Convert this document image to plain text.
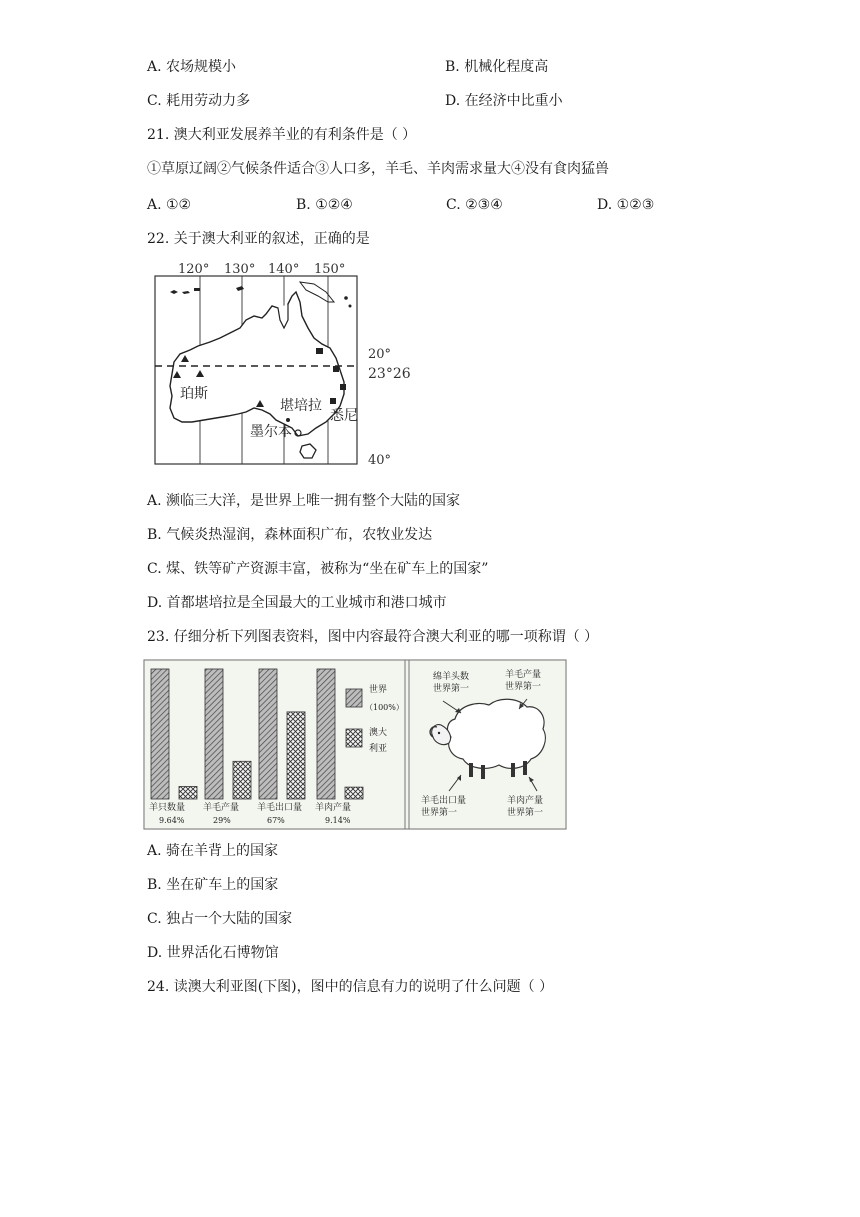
A. 农场规模小	B. 机械化程度高
C. 耗用劳动力多	D. 在经济中比重小
21. 澳大利亚发展养羊业的有利条件是（ ）
①草原辽阔②气候条件适合③人口多，羊毛、羊肉需求量大④没有食肉猛兽
A. ①②	B. ①②④	C. ②③④	D. ①②③
22. 关于澳大利亚的叙述，正确的是
120° 130° 140° 150°
20°
23°26′
40°
珀斯
堪培拉
墨尔本
悉尼
A. 濒临三大洋，是世界上唯一拥有整个大陆的国家
B. 气候炎热湿润，森林面积广布，农牧业发达
C. 煤、铁等矿产资源丰富，被称为“坐在矿车上的国家”
D. 首都堪培拉是全国最大的工业城市和港口城市
23. 仔细分析下列图表资料，图中内容最符合澳大利亚的哪一项称谓（ ）
羊只数量
9.64%
羊毛产量
29%
羊毛出口量
67%
羊肉产量
9.14%
世界
（100%）
澳大
利亚
绵羊头数
世界第一
羊毛产量
世界第一
羊毛出口量
世界第一
羊肉产量
世界第一
A. 骑在羊背上的国家
B. 坐在矿车上的国家
C. 独占一个大陆的国家
D. 世界活化石博物馆
24. 读澳大利亚图(下图)，图中的信息有力的说明了什么问题（ ）
